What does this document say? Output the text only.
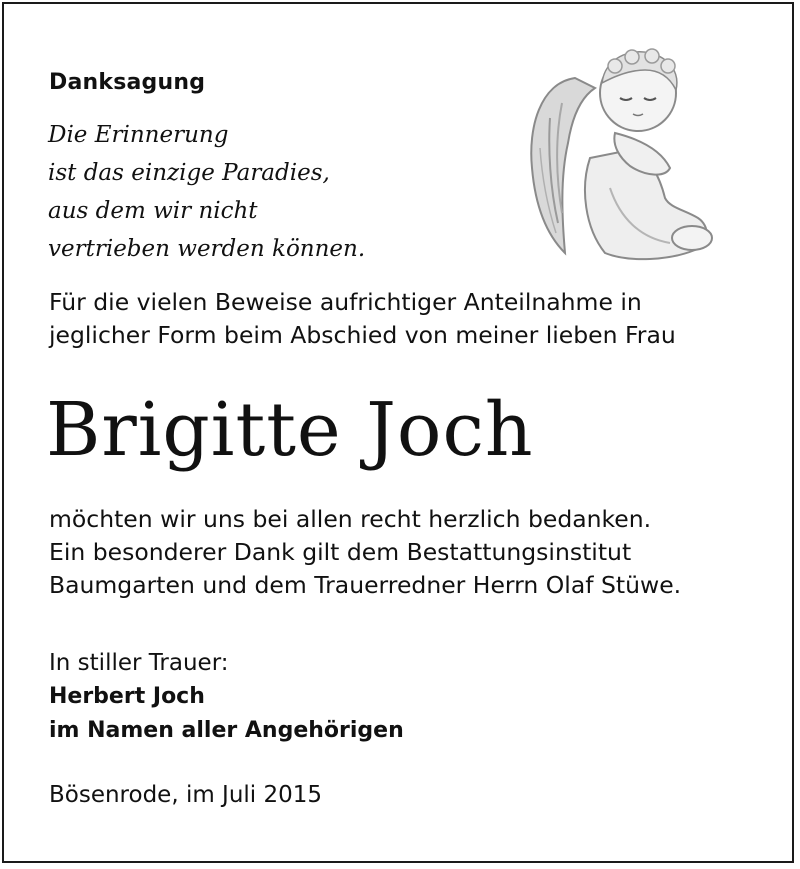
Danksagung
Die Erinnerung
ist das einzige Paradies,
aus dem wir nicht
vertrieben werden können.
Für die vielen Beweise aufrichtiger Anteilnahme in
jeglicher Form beim Abschied von meiner lieben Frau
Brigitte Joch
möchten wir uns bei allen recht herzlich bedanken.
Ein besonderer Dank gilt dem Bestattungsinstitut
Baumgarten und dem Trauerredner Herrn Olaf Stüwe.
In stiller Trauer:
Herbert Joch
im Namen aller Angehörigen
Bösenrode, im Juli 2015
